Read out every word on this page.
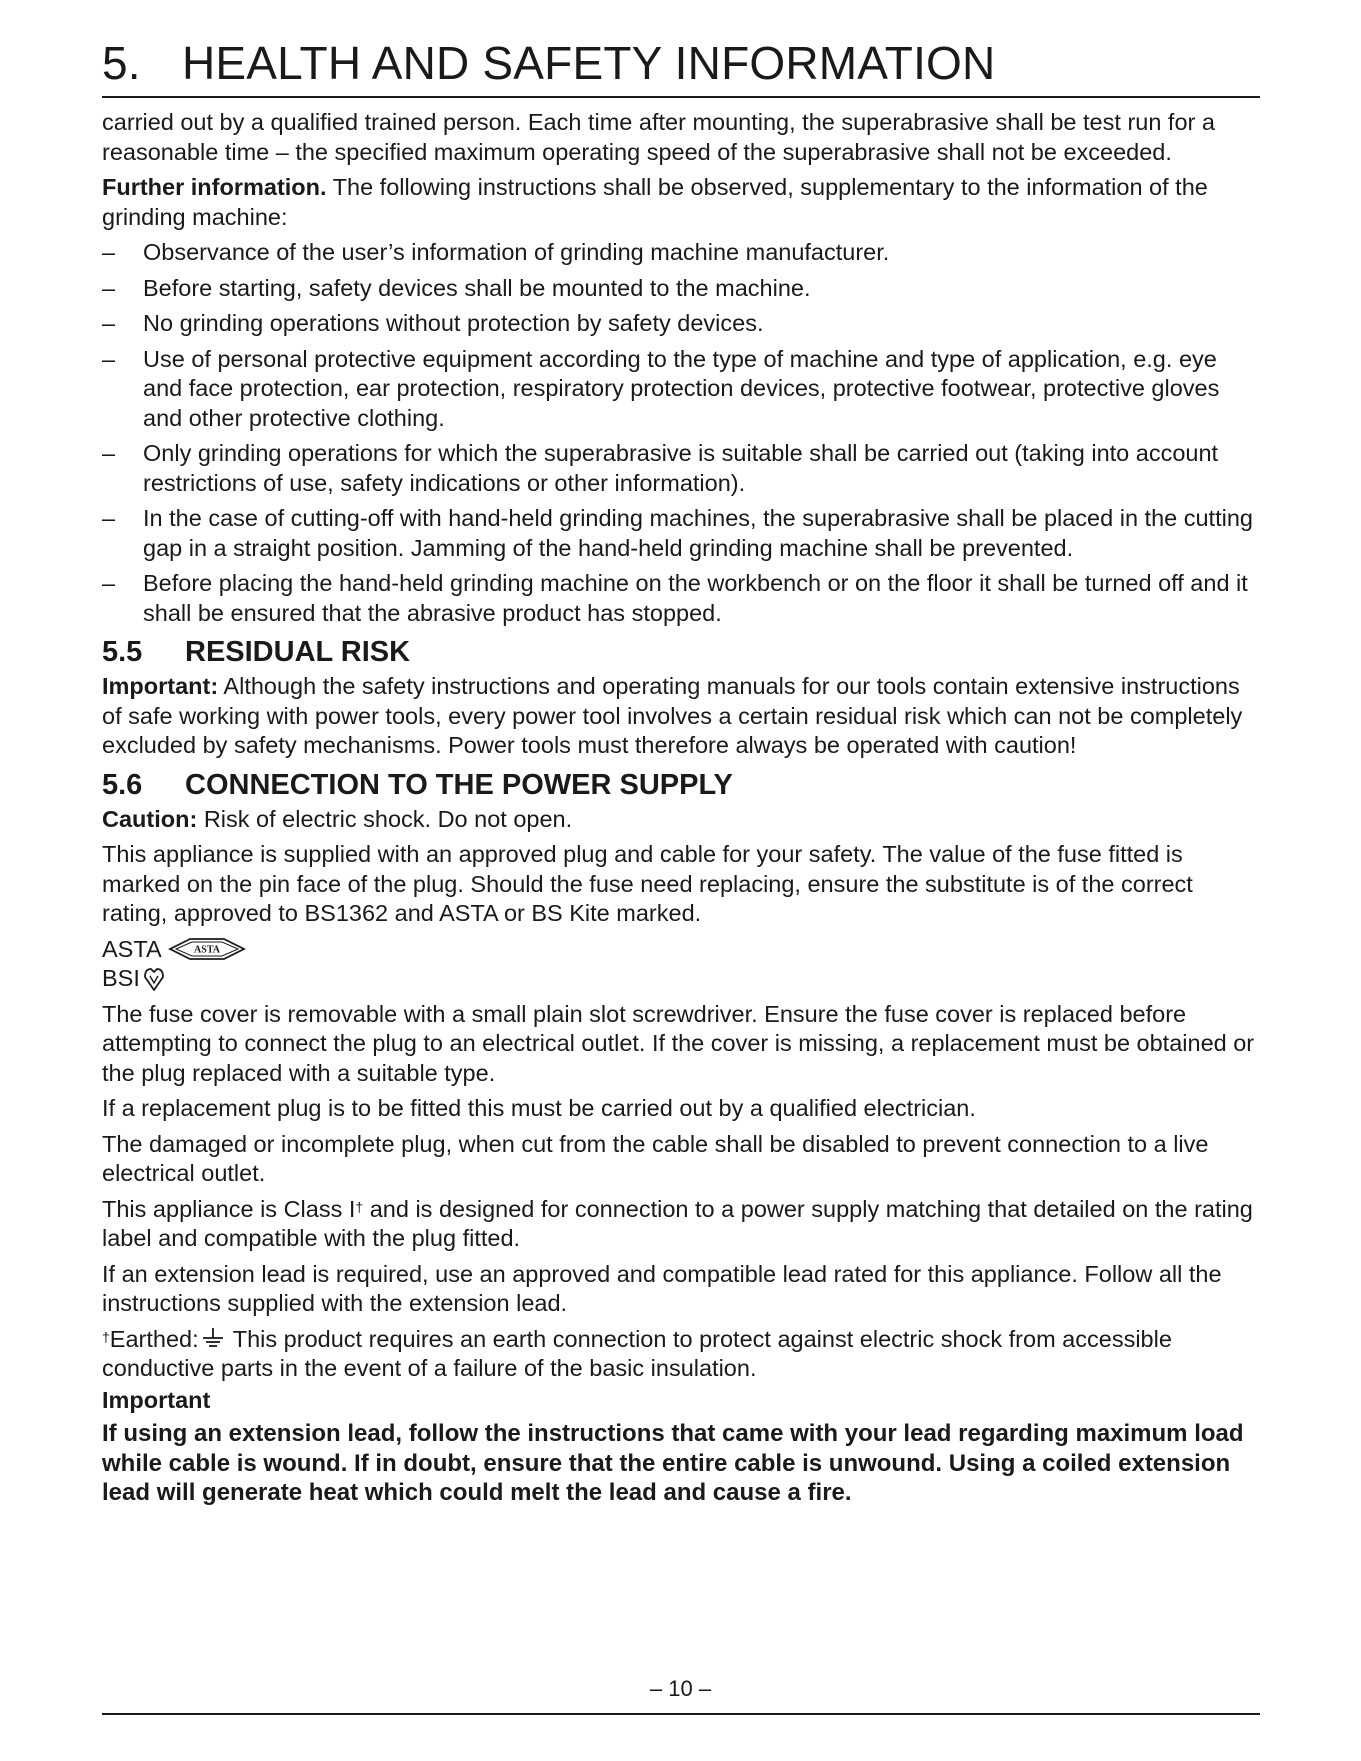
5. HEALTH AND SAFETY INFORMATION

carried out by a qualified trained person. Each time after mounting, the superabrasive shall be test run for a reasonable time – the specified maximum operating speed of the superabrasive shall not be exceeded.

Further information. The following instructions shall be observed, supplementary to the information of the grinding machine:

– Observance of the user’s information of grinding machine manufacturer.
– Before starting, safety devices shall be mounted to the machine.
– No grinding operations without protection by safety devices.
– Use of personal protective equipment according to the type of machine and type of application, e.g. eye and face protection, ear protection, respiratory protection devices, protective footwear, protective gloves and other protective clothing.
– Only grinding operations for which the superabrasive is suitable shall be carried out (taking into account restrictions of use, safety indications or other information).
– In the case of cutting-off with hand-held grinding machines, the superabrasive shall be placed in the cutting gap in a straight position. Jamming of the hand-held grinding machine shall be prevented.
– Before placing the hand-held grinding machine on the workbench or on the floor it shall be turned off and it shall be ensured that the abrasive product has stopped.
5.5 RESIDUAL RISK

Important: Although the safety instructions and operating manuals for our tools contain extensive instructions of safe working with power tools, every power tool involves a certain residual risk which can not be completely excluded by safety mechanisms. Power tools must therefore always be operated with caution!

5.6 CONNECTION TO THE POWER SUPPLY

Caution: Risk of electric shock. Do not open.

This appliance is supplied with an approved plug and cable for your safety. The value of the fuse fitted is marked on the pin face of the plug. Should the fuse need replacing, ensure the substitute is of the correct rating, approved to BS1362 and ASTA or BS Kite marked.

ASTA	ASTA
BSI

The fuse cover is removable with a small plain slot screwdriver. Ensure the fuse cover is replaced before attempting to connect the plug to an electrical outlet. If the cover is missing, a replacement must be obtained or the plug replaced with a suitable type.

If a replacement plug is to be fitted this must be carried out by a qualified electrician.

The damaged or incomplete plug, when cut from the cable shall be disabled to prevent connection to a live electrical outlet.

This appliance is Class I† and is designed for connection to a power supply matching that detailed on the rating label and compatible with the plug fitted.

If an extension lead is required, use an approved and compatible lead rated for this appliance. Follow all the instructions supplied with the extension lead.

†Earthed: This product requires an earth connection to protect against electric shock from accessible conductive parts in the event of a failure of the basic insulation.

Important

If using an extension lead, follow the instructions that came with your lead regarding maximum load while cable is wound. If in doubt, ensure that the entire cable is unwound. Using a coiled extension lead will generate heat which could melt the lead and cause a fire.

– 10 –
